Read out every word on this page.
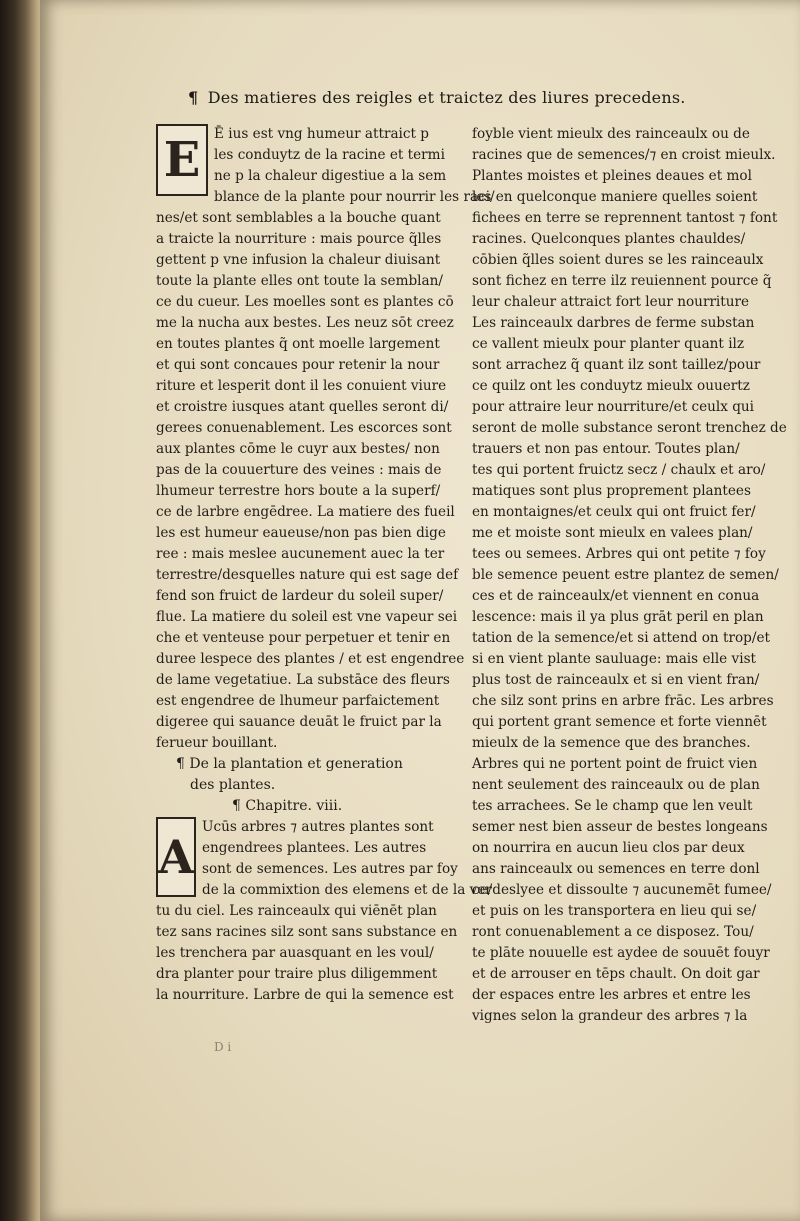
¶ Des matieres des reigles et traictez des liures precedens.
E	Ē ius est vng humeur attraict p
les conduytz de la racine et termi
ne p la chaleur digestiue a la sem
blance de la plante pour nourrir les raci/
nes/et sont semblables a la bouche quant
a traicte la nourriture : mais pource q̃lles
gettent p vne infusion la chaleur diuisant
toute la plante elles ont toute la semblan/
ce du cueur. Les moelles sont es plantes cō
me la nucha aux bestes. Les neuz sōt creez
en toutes plantes q̃ ont moelle largement
et qui sont concaues pour retenir la nour
riture et lesperit dont il les conuient viure
et croistre iusques atant quelles seront di/
gerees conuenablement. Les escorces sont
aux plantes cōme le cuyr aux bestes/ non
pas de la couuerture des veines : mais de
lhumeur terrestre hors boute a la superf/
ce de larbre engēdree. La matiere des fueil
les est humeur eaueuse/non pas bien dige
ree : mais meslee aucunement auec la ter
terrestre/desquelles nature qui est sage def
fend son fruict de lardeur du soleil super/
flue. La matiere du soleil est vne vapeur sei
che et venteuse pour perpetuer et tenir en
duree lespece des plantes / et est engendree
de lame vegetatiue. La substāce des fleurs
est engendree de lhumeur parfaictement
digeree qui sauance deuāt le fruict par la
ferueur bouillant.
¶ De la plantation et generation
des plantes.
¶ Chapitre. viii.
A
Ucūs arbres ⁊ autres plantes sont
engendrees plantees. Les autres
sont de semences. Les autres par foy
de la commixtion des elemens et de la ver
tu du ciel. Les rainceaulx qui viēnēt plan
tez sans racines silz sont sans substance en
les trenchera par auasquant en les voul/
dra planter pour traire plus diligemment
la nourriture. Larbre de qui la semence est
foyble vient mieulx des rainceaulx ou de
racines que de semences/⁊ en croist mieulx.
Plantes moistes et pleines deaues et mol
les en quelconque maniere quelles soient
fichees en terre se reprennent tantost ⁊ font
racines. Quelconques plantes chauldes/
cōbien q̃lles soient dures se les rainceaulx
sont fichez en terre ilz reuiennent pource q̃
leur chaleur attraict fort leur nourriture
Les rainceaulx darbres de ferme substan
ce vallent mieulx pour planter quant ilz
sont arrachez q̃ quant ilz sont taillez/pour
ce quilz ont les conduytz mieulx ouuertz
pour attraire leur nourriture/et ceulx qui
seront de molle substance seront trenchez de
trauers et non pas entour. Toutes plan/
tes qui portent fruictz secz / chaulx et aro/
matiques sont plus proprement plantees
en montaignes/et ceulx qui ont fruict fer/
me et moiste sont mieulx en valees plan/
tees ou semees. Arbres qui ont petite ⁊ foy
ble semence peuent estre plantez de semen/
ces et de rainceaulx/et viennent en conua
lescence: mais il ya plus grāt peril en plan
tation de la semence/et si attend on trop/et
si en vient plante sauluage: mais elle vist
plus tost de rainceaulx et si en vient fran/
che silz sont prins en arbre frāc. Les arbres
qui portent grant semence et forte viennēt
mieulx de la semence que des branches.
Arbres qui ne portent point de fruict vien
nent seulement des rainceaulx ou de plan
tes arrachees. Se le champ que len veult
semer nest bien asseur de bestes longeans
on nourrira en aucun lieu clos par deux
ans rainceaulx ou semences en terre donl
ce/deslyee et dissoulte ⁊ aucunemēt fumee/
et puis on les transportera en lieu qui se/
ront conuenablement a ce disposez. Tou/
te plāte nouuelle est aydee de souuēt fouyr
et de arrouser en tēps chault. On doit gar
der espaces entre les arbres et entre les
vignes selon la grandeur des arbres ⁊ la
D i
